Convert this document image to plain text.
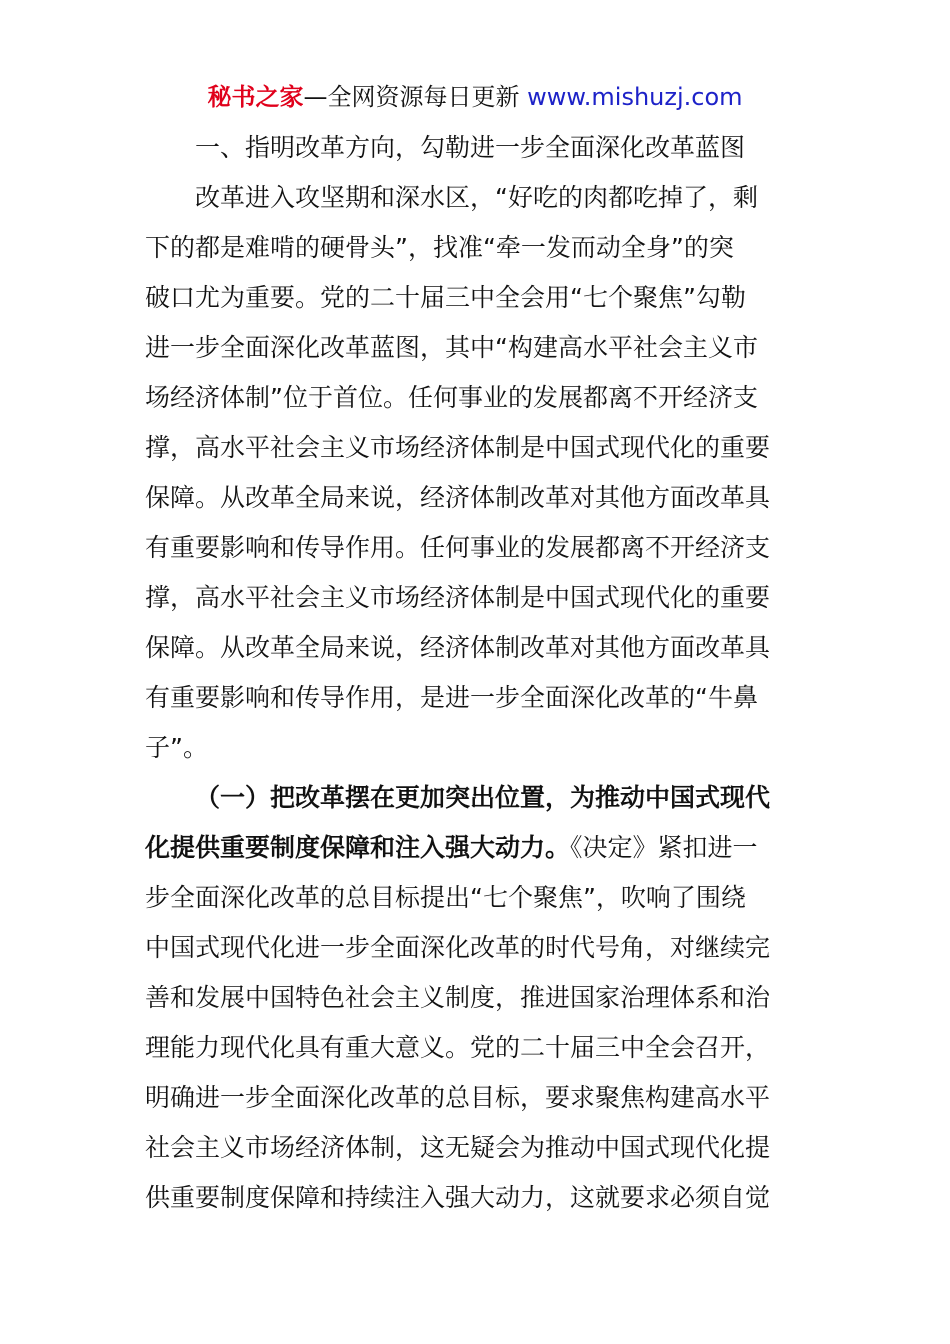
秘书之家—全网资源每日更新 www.mishuzj.com
一、指明改革方向，勾勒进一步全面深化改革蓝图
改革进入攻坚期和深水区，“好吃的肉都吃掉了，剩
下的都是难啃的硬骨头”，找准“牵一发而动全身”的突
破口尤为重要。党的二十届三中全会用“七个聚焦”勾勒
进一步全面深化改革蓝图，其中“构建高水平社会主义市
场经济体制”位于首位。任何事业的发展都离不开经济支
撑，高水平社会主义市场经济体制是中国式现代化的重要
保障。从改革全局来说，经济体制改革对其他方面改革具
有重要影响和传导作用。任何事业的发展都离不开经济支
撑，高水平社会主义市场经济体制是中国式现代化的重要
保障。从改革全局来说，经济体制改革对其他方面改革具
有重要影响和传导作用，是进一步全面深化改革的“牛鼻
子”。
（一）把改革摆在更加突出位置，为推动中国式现代
化提供重要制度保障和注入强大动力。《决定》紧扣进一
步全面深化改革的总目标提出“七个聚焦”，吹响了围绕
中国式现代化进一步全面深化改革的时代号角，对继续完
善和发展中国特色社会主义制度，推进国家治理体系和治
理能力现代化具有重大意义。党的二十届三中全会召开，
明确进一步全面深化改革的总目标，要求聚焦构建高水平
社会主义市场经济体制，这无疑会为推动中国式现代化提
供重要制度保障和持续注入强大动力，这就要求必须自觉
